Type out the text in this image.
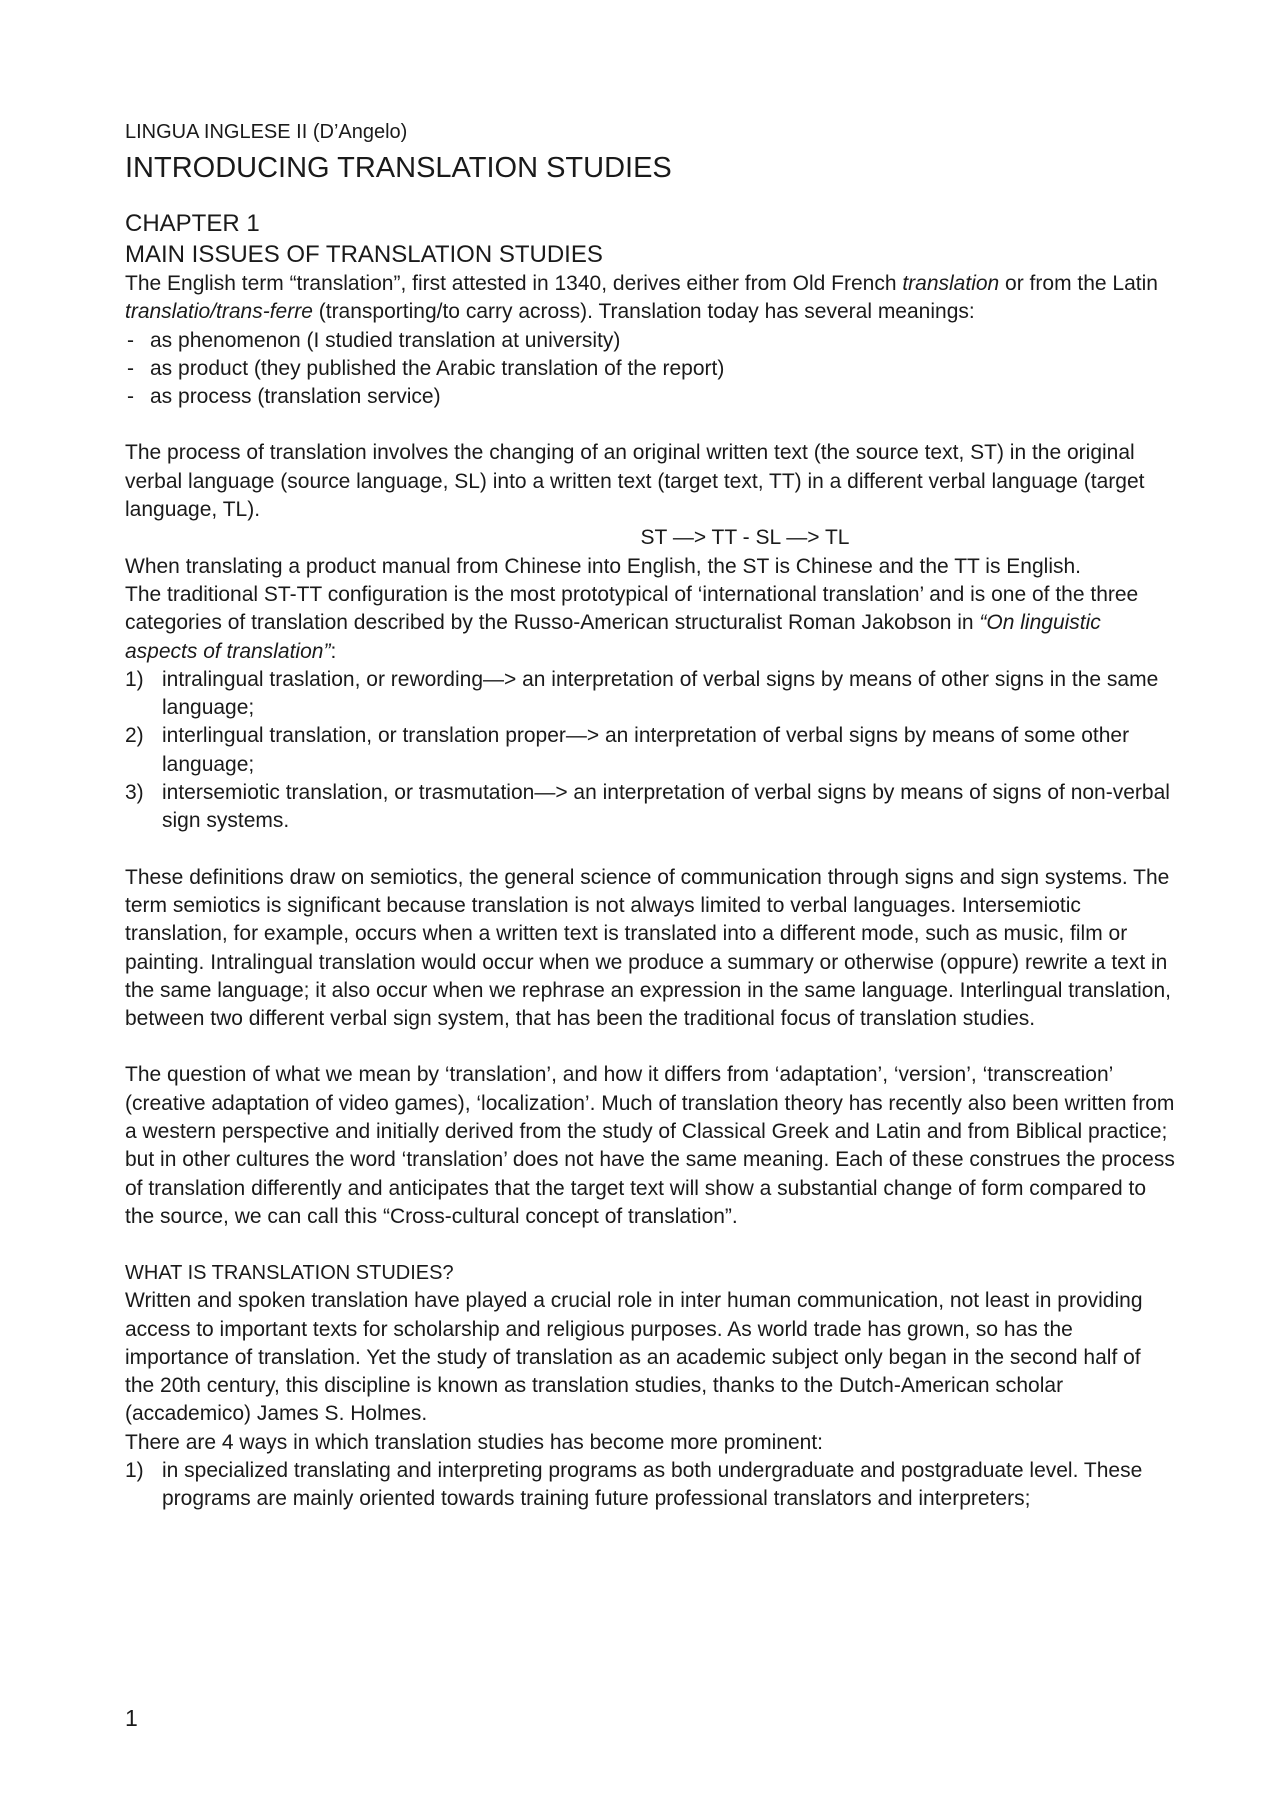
LINGUA INGLESE II (D’Angelo)
INTRODUCING TRANSLATION STUDIES
CHAPTER 1
MAIN ISSUES OF TRANSLATION STUDIES

The English term “translation”, first attested in 1340, derives either from Old French translation or from the Latin translatio/trans-ferre (transporting/to carry across). Translation today has several meanings:

- as phenomenon (I studied translation at university)
- as product (they published the Arabic translation of the report)
- as process (translation service)

The process of translation involves the changing of an original written text (the source text, ST) in the original verbal language (source language, SL) into a written text (target text, TT) in a different verbal language (target language, TL).

ST —> TT - SL —> TL

When translating a product manual from Chinese into English, the ST is Chinese and the TT is English.

The traditional ST-TT configuration is the most prototypical of ‘international translation’ and is one of the three categories of translation described by the Russo-American structuralist Roman Jakobson in “On linguistic aspects of translation”:

1) intralingual traslation, or rewording—> an interpretation of verbal signs by means of other signs in the same language;
2) interlingual translation, or translation proper—> an interpretation of verbal signs by means of some other language;
3) intersemiotic translation, or trasmutation—> an interpretation of verbal signs by means of signs of non-verbal sign systems.

These definitions draw on semiotics, the general science of communication through signs and sign systems. The term semiotics is significant because translation is not always limited to verbal languages. Intersemiotic translation, for example, occurs when a written text is translated into a different mode, such as music, film or painting. Intralingual translation would occur when we produce a summary or otherwise (oppure) rewrite a text in the same language; it also occur when we rephrase an expression in the same language. Interlingual translation, between two different verbal sign system, that has been the traditional focus of translation studies.

The question of what we mean by ‘translation’, and how it differs from ‘adaptation’, ‘version’, ‘transcreation’ (creative adaptation of video games), ‘localization’. Much of translation theory has recently also been written from a western perspective and initially derived from the study of Classical Greek and Latin and from Biblical practice; but in other cultures the word ‘translation’ does not have the same meaning. Each of these construes the process of translation differently and anticipates that the target text will show a substantial change of form compared to the source, we can call this “Cross-cultural concept of translation”.

WHAT IS TRANSLATION STUDIES?

Written and spoken translation have played a crucial role in inter human communication, not least in providing access to important texts for scholarship and religious purposes. As world trade has grown, so has the importance of translation. Yet the study of translation as an academic subject only began in the second half of the 20th century, this discipline is known as translation studies, thanks to the Dutch-American scholar (accademico) James S. Holmes.

There are 4 ways in which translation studies has become more prominent:

1) in specialized translating and interpreting programs as both undergraduate and postgraduate level. These programs are mainly oriented towards training future professional translators and interpreters;
1
